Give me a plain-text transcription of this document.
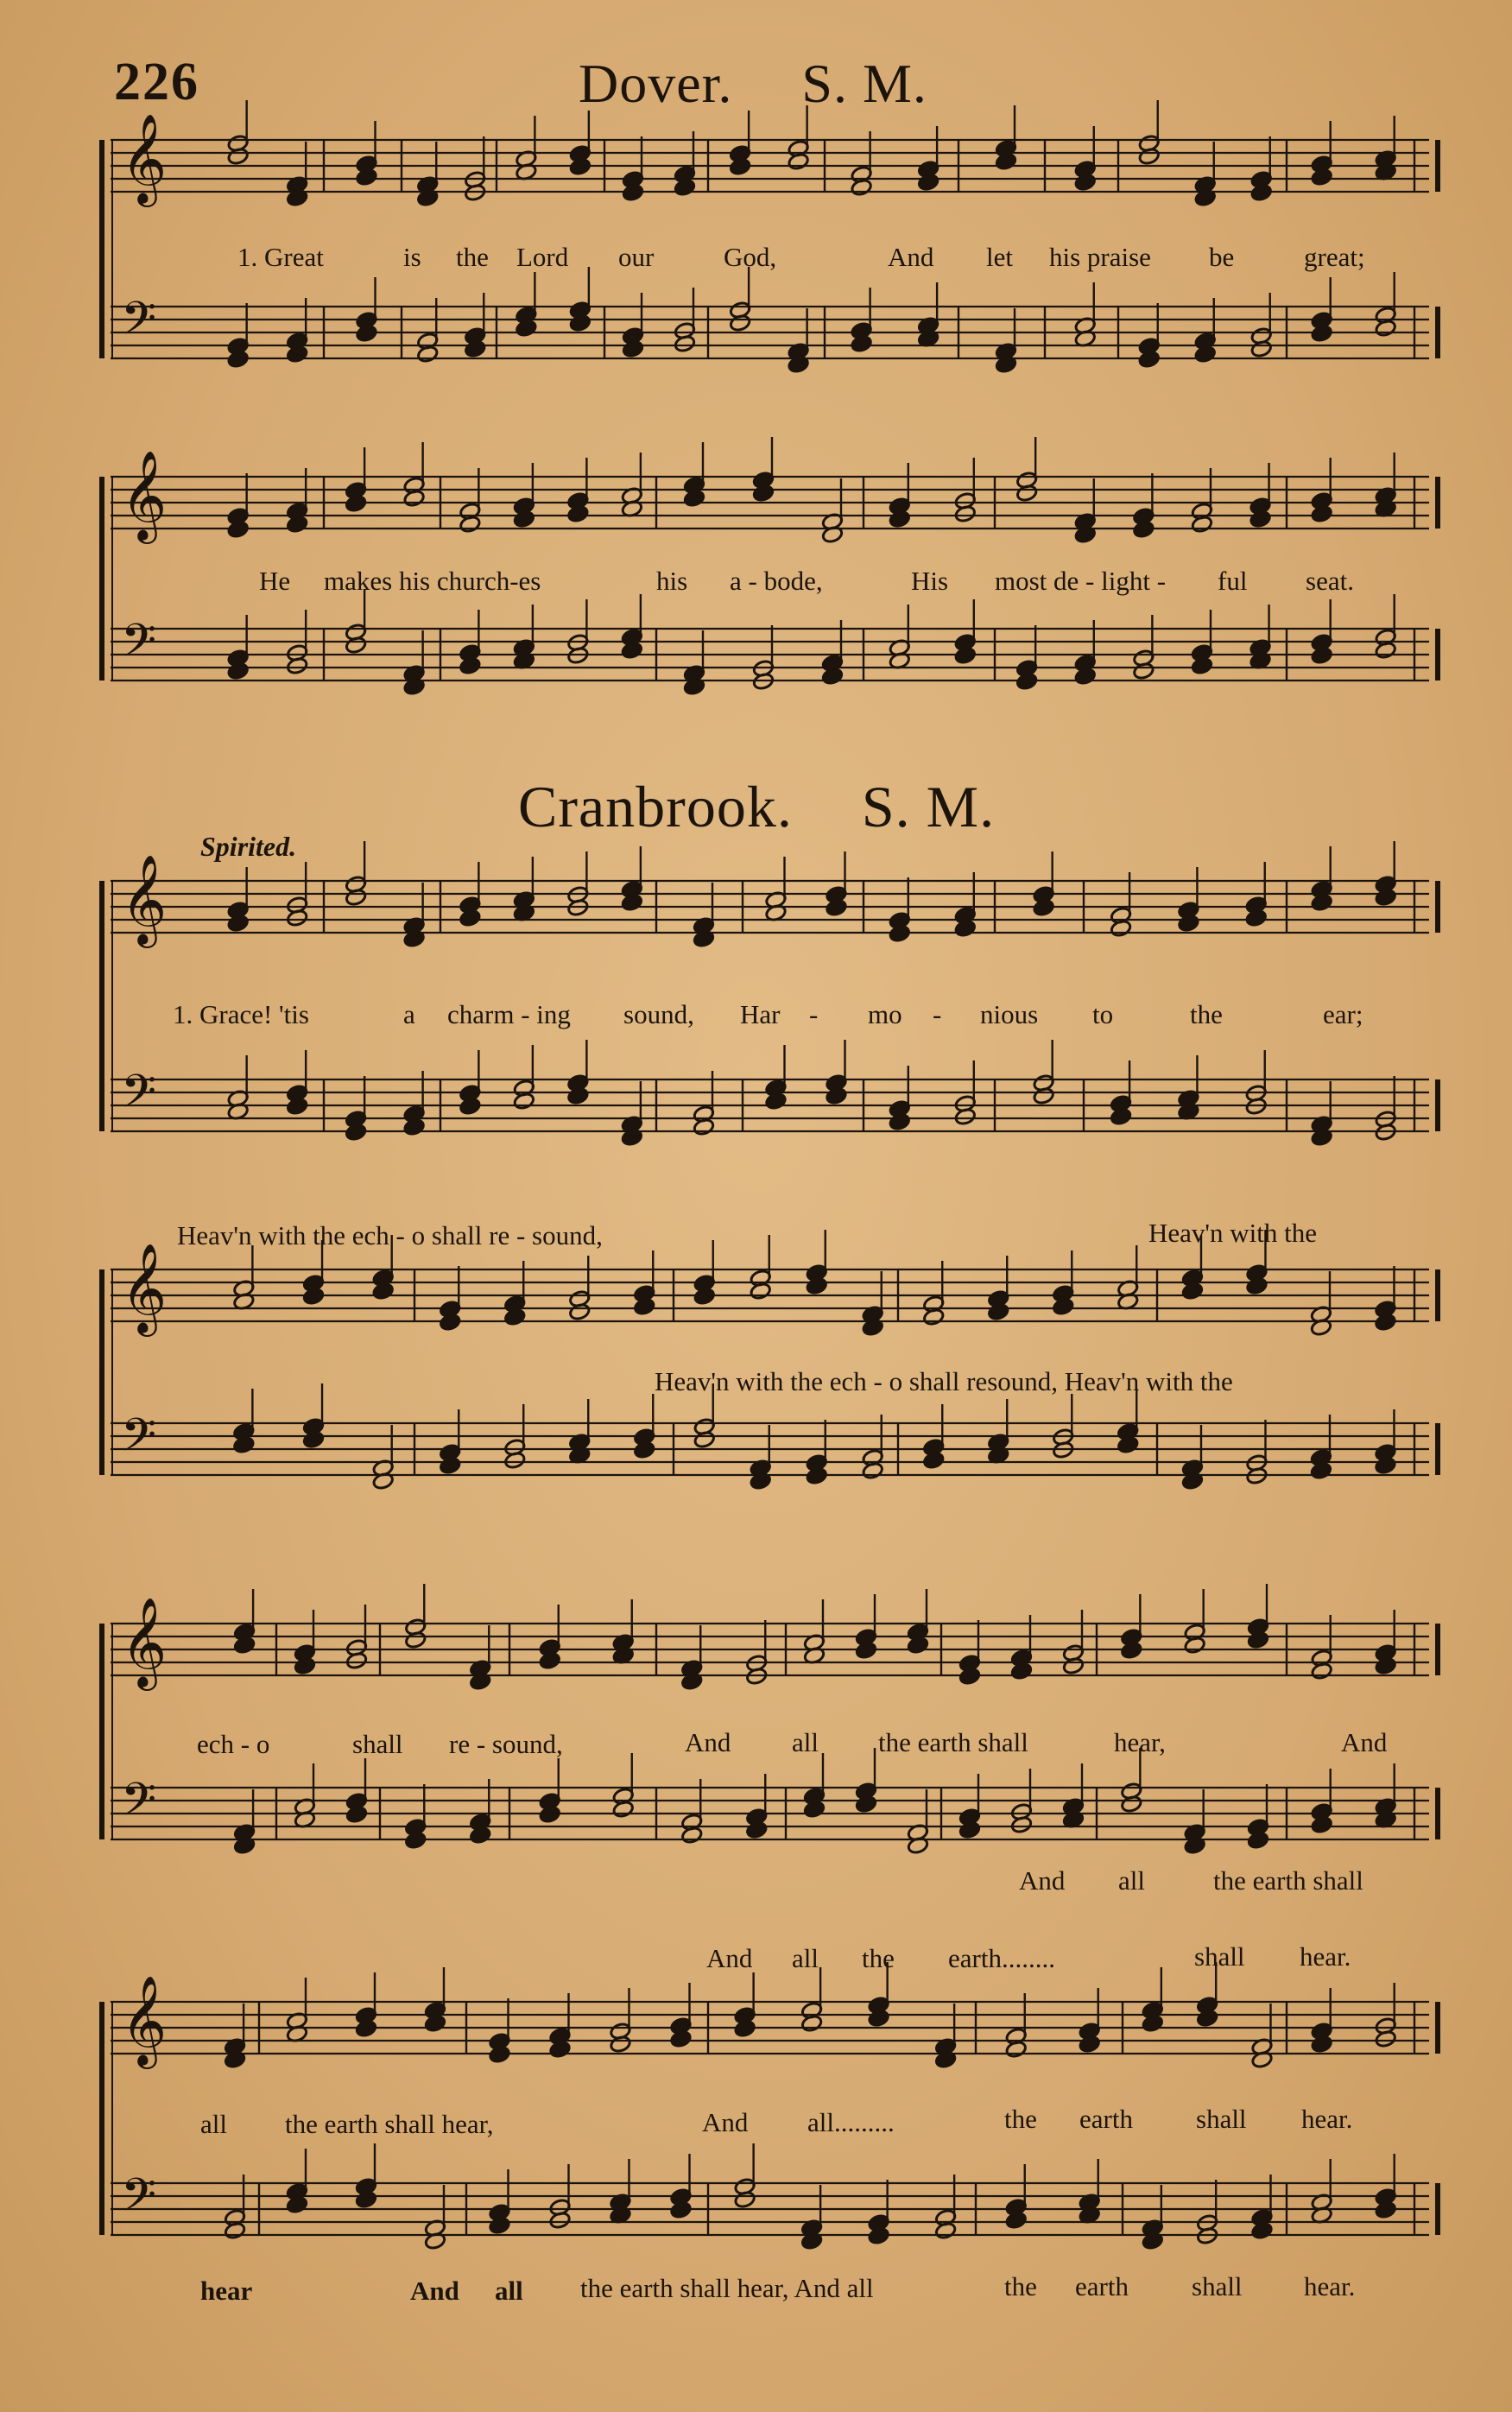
𝄞
𝄢
𝄞
𝄢
𝄞
𝄢
𝄞
𝄢
𝄞
𝄢
𝄞
𝄢
226	Dover. S. M.
1. Great	is the Lord our	God,	And let his praise be	great;
He makes his church-es	his a - bode,	His most de - light - ful seat.
Cranbrook. S. M.
Spirited.
1. Grace! 'tis	a charm - ing sound, Har - mo - nious to	the	ear;
Heav'n with the ech - o shall re - sound,	Heav'n with the
Heav'n with the ech - o shall resound, Heav'n with the
ech - o	shall re - sound,	And all the earth shall	hear,	And
And all	the earth shall
And all the earth........	shall hear.
all the earth shall hear,	And all.........	the earth shall hear.
hear	And all the earth shall hear, And all	the earth shall hear.
